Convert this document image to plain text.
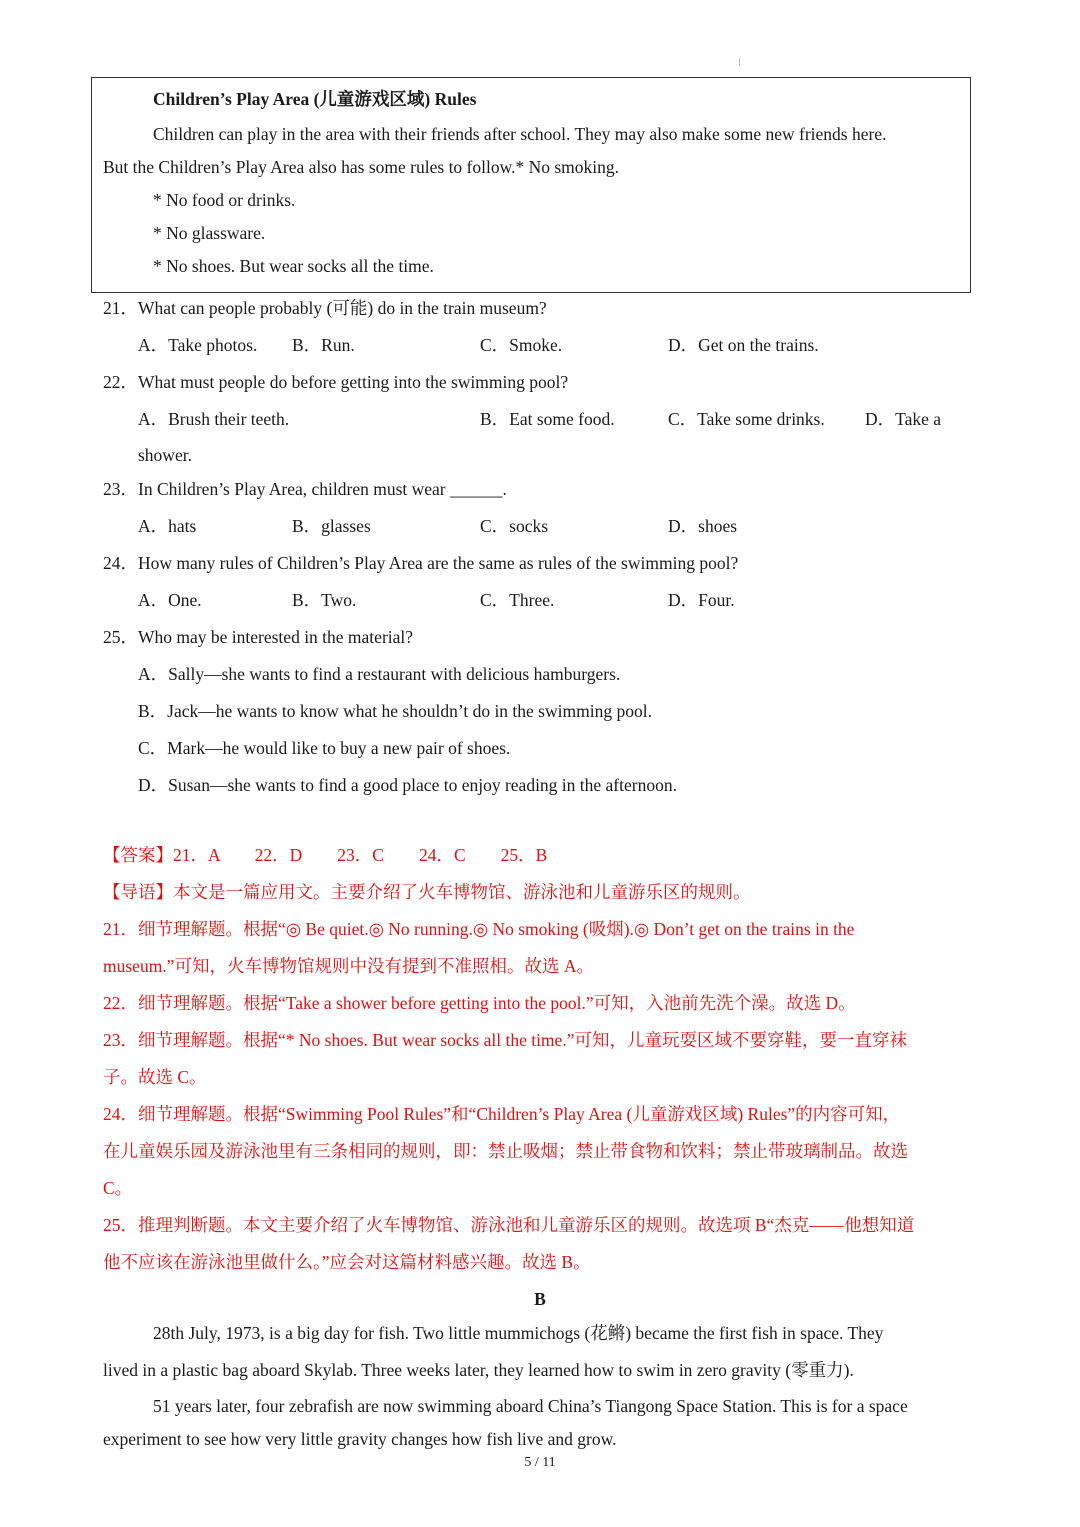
Children’s Play Area (儿童游戏区域) Rules
Children can play in the area with their friends after school. They may also make some new friends here.
But the Children’s Play Area also has some rules to follow.* No smoking.
* No food or drinks.
* No glassware.
* No shoes. But wear socks all the time.
21．What can people probably (可能) do in the train museum?
A．Take photos. B．Run.	C．Smoke.	D．Get on the trains.
22．What must people do before getting into the swimming pool?
A．Brush their teeth.	B．Eat some food.	C．Take some drinks. D．Take a
shower.
23．In Children’s Play Area, children must wear ______.
A．hats	B．glasses	C．socks	D．shoes
24．How many rules of Children’s Play Area are the same as rules of the swimming pool?
A．One.	B．Two.	C．Three.	D．Four.
25．Who may be interested in the material?
A．Sally—she wants to find a restaurant with delicious hamburgers.
B．Jack—he wants to know what he shouldn’t do in the swimming pool.
C．Mark—he would like to buy a new pair of shoes.
D．Susan—she wants to find a good place to enjoy reading in the afternoon.
【答案】21．A　　22．D　　23．C　　24．C　　25．B
【导语】本文是一篇应用文。主要介绍了火车博物馆、游泳池和儿童游乐区的规则。
21．细节理解题。根据“◎ Be quiet.◎ No running.◎ No smoking (吸烟).◎ Don’t get on the trains in the
museum.”可知，火车博物馆规则中没有提到不准照相。故选 A。
22．细节理解题。根据“Take a shower before getting into the pool.”可知，入池前先洗个澡。故选 D。
23．细节理解题。根据“* No shoes. But wear socks all the time.”可知，儿童玩耍区域不要穿鞋，要一直穿袜
子。故选 C。
24．细节理解题。根据“Swimming Pool Rules”和“Children’s Play Area (儿童游戏区域) Rules”的内容可知，
在儿童娱乐园及游泳池里有三条相同的规则，即：禁止吸烟；禁止带食物和饮料；禁止带玻璃制品。故选
C。
25．推理判断题。本文主要介绍了火车博物馆、游泳池和儿童游乐区的规则。故选项 B“杰克——他想知道
他不应该在游泳池里做什么。”应会对这篇材料感兴趣。故选 B。
B
28th July, 1973, is a big day for fish. Two little mummichogs (花鳉) became the first fish in space. They
lived in a plastic bag aboard Skylab. Three weeks later, they learned how to swim in zero gravity (零重力).
51 years later, four zebrafish are now swimming aboard China’s Tiangong Space Station. This is for a space
experiment to see how very little gravity changes how fish live and grow.
5 / 11
